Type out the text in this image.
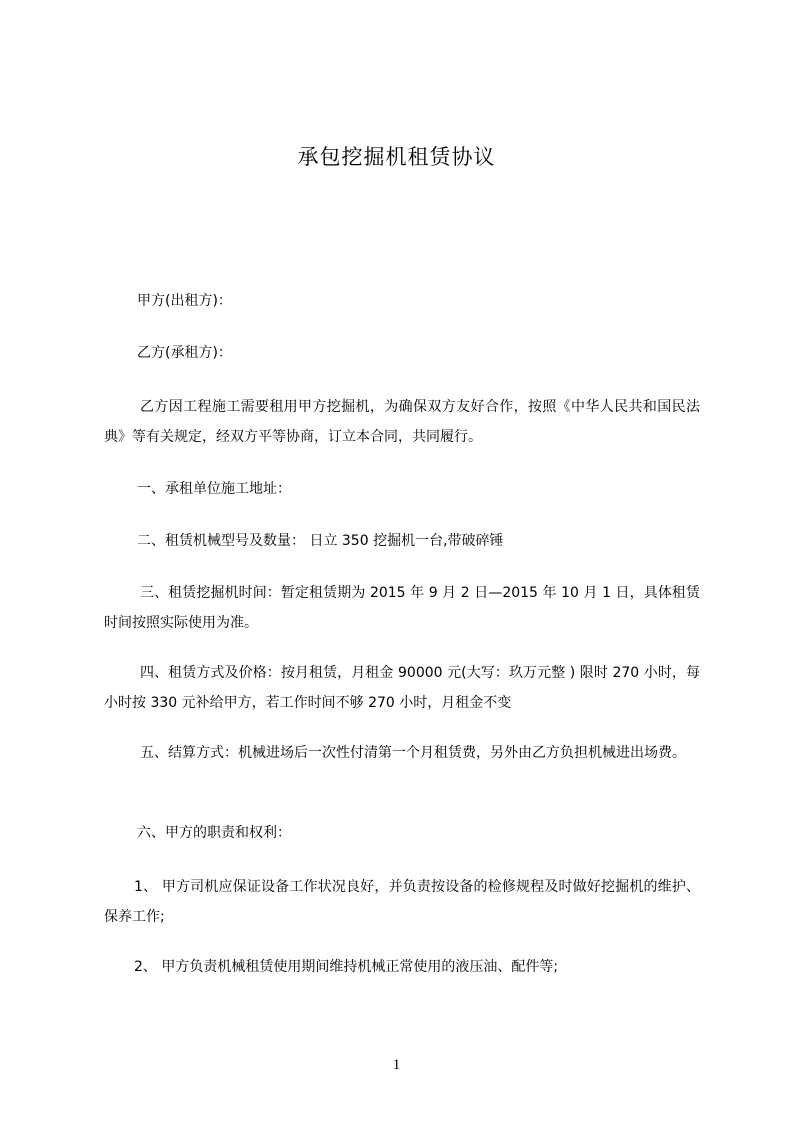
承包挖掘机租赁协议
甲方(出租方)：
乙方(承租方)：
乙方因工程施工需要租用甲方挖掘机，为确保双方友好合作，按照《中华人民共和国民法典》等有关规定，经双方平等协商，订立本合同，共同履行。
一、承租单位施工地址：
二、租赁机械型号及数量： 日立 350 挖掘机一台,带破碎锤
三、租赁挖掘机时间：暂定租赁期为 2015 年 9 月 2 日—2015 年 10 月 1 日，具体租赁时间按照实际使用为准。
四、租赁方式及价格：按月租赁，月租金 90000 元(大写：玖万元整 ) 限时 270 小时，每小时按 330 元补给甲方，若工作时间不够 270 小时，月租金不变
五、结算方式：机械进场后一次性付清第一个月租赁费，另外由乙方负担机械进出场费。
六、甲方的职责和权利：
1、 甲方司机应保证设备工作状况良好，并负责按设备的检修规程及时做好挖掘机的维护、保养工作;
2、 甲方负责机械租赁使用期间维持机械正常使用的液压油、配件等;
1
